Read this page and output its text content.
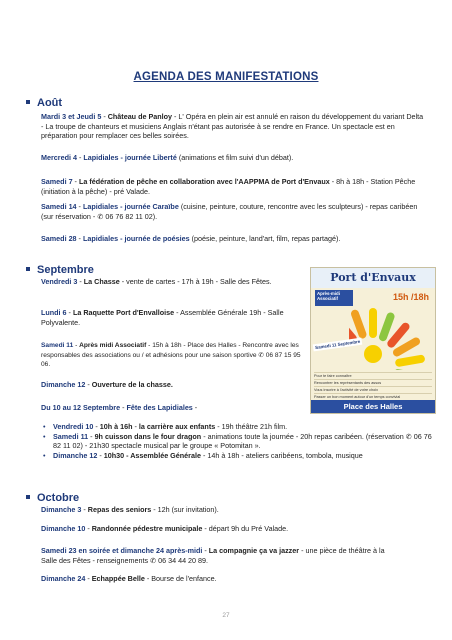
AGENDA DES MANIFESTATIONS
Août
Mardi 3 et Jeudi 5 - Château de Panloy - L' Opéra en plein air est annulé en raison du développement du variant Delta - La troupe de chanteurs et musiciens Anglais n'étant pas autorisée à se rendre en France. Un spectacle est en préparation pour remplacer ces belles soirées.
Mercredi 4 - Lapidiales - journée Liberté (animations et film suivi d'un débat).
Samedi 7 - La fédération de pêche en collaboration avec l'AAPPMA de Port d'Envaux - 8h à 18h - Station Pêche (initiation à la pêche) - pré Valade.
Samedi 14 - Lapidiales - journée Caraïbe (cuisine, peinture, couture, rencontre avec les sculpteurs) - repas caribéen (sur réservation - ✆ 06 76 82 11 02).
Samedi 28 - Lapidiales - journée de poésies (poésie, peinture, land'art, film, repas partagé).
Septembre
Vendredi 3 - La Chasse - vente de cartes - 17h à 19h - Salle des Fêtes.
Lundi 6 - La Raquette Port d'Envalloise - Assemblée Générale 19h - Salle Polyvalente.
Samedi 11 - Après midi Associatif - 15h à 18h - Place des Halles - Rencontre avec les responsables des associations ou / et adhésions pour une saison sportive ✆ 06 87 15 95 06.
Dimanche 12 - Ouverture de la chasse.
Du 10 au 12 Septembre - Fête des Lapidiales -
• Vendredi 10 - 10h à 16h - la carrière aux enfants - 19h théâtre 21h film.
• Samedi 11 - 9h cuisson dans le four dragon - animations toute la journée - 20h repas caribéen. (réservation ✆ 06 76 82 11 02) - 21h30 spectacle musical par le groupe « Potomitan ».
• Dimanche 12 - 10h30 - Assemblée Générale - 14h à 18h - ateliers caribéens, tombola, musique
Port d'Envaux
Après-midi Associatif	15h /18h
Samedi 11 Septembre
Pour te faire connaître
Rencontrer les représentants des assos
Vous inscrire à l'activité de votre choix
Passer un bon moment autour d'un temps convivial
Place des Halles
Octobre
Dimanche 3 - Repas des seniors - 12h (sur invitation).
Dimanche 10 - Randonnée pédestre municipale - départ 9h du Pré Valade.
Samedi 23 en soirée et dimanche 24 après-midi - La compagnie ça va jazzer - une pièce de théâtre à la Salle des Fêtes - renseignements ✆ 06 34 44 20 89.
Dimanche 24 - Echappée Belle - Bourse de l'enfance.
27
